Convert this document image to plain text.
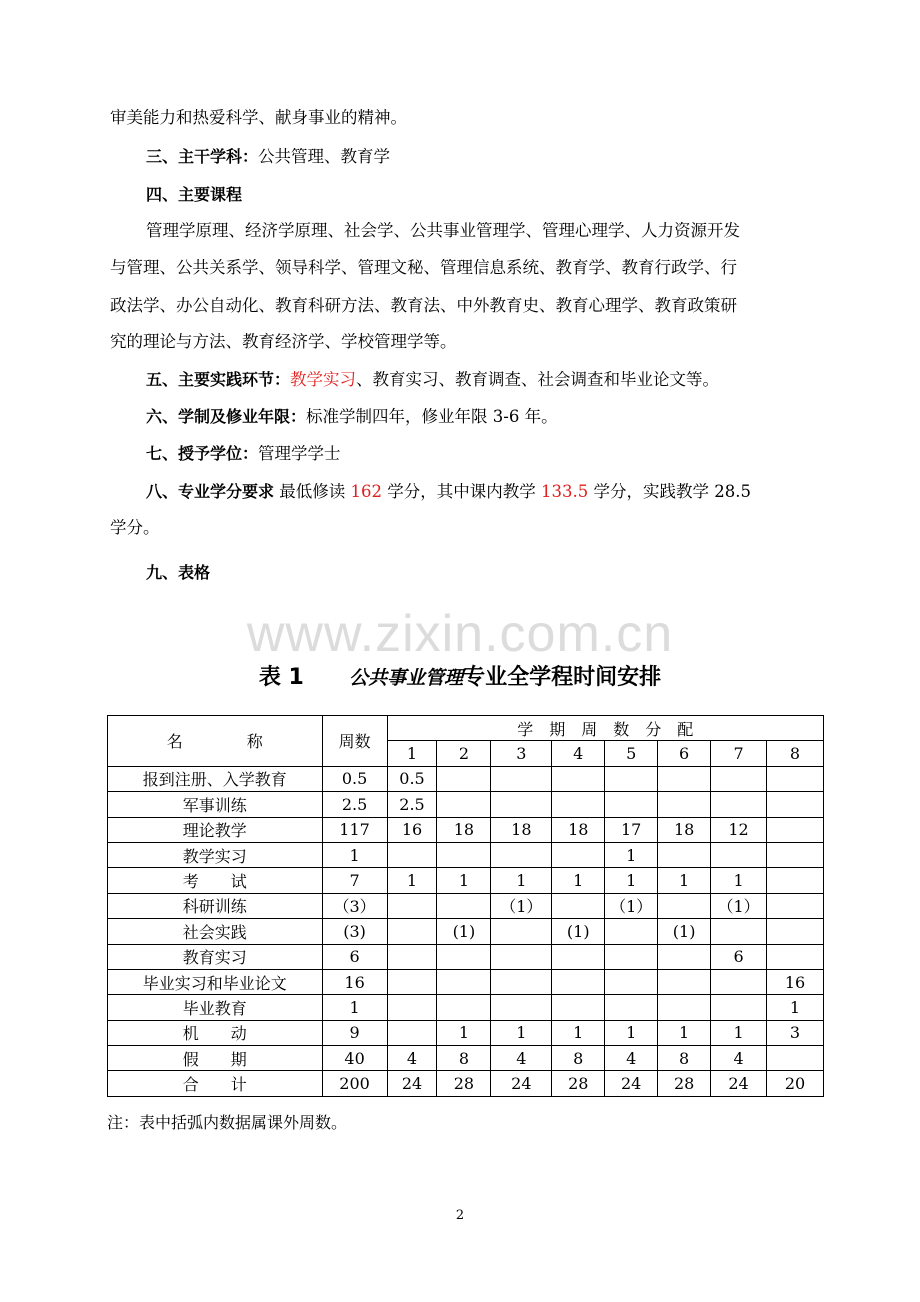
审美能力和热爱科学、献身事业的精神。
三、主干学科：公共管理、教育学
四、主要课程
管理学原理、经济学原理、社会学、公共事业管理学、管理心理学、人力资源开发
与管理、公共关系学、领导科学、管理文秘、管理信息系统、教育学、教育行政学、行
政法学、办公自动化、教育科研方法、教育法、中外教育史、教育心理学、教育政策研
究的理论与方法、教育经济学、学校管理学等。
五、主要实践环节：教学实习、教育实习、教育调查、社会调查和毕业论文等。
六、学制及修业年限：标准学制四年，修业年限 3-6 年。
七、授予学位：管理学学士
八、专业学分要求 最低修读 162 学分，其中课内教学 133.5 学分，实践教学 28.5
学分。
九、表格
www.zixin.com.cn
表 1 公共事业管理专业全学程时间安排
名　　　　称	周数	学　期　周　数　分　配							
		1	2	3	4	5	6	7	8
报到注册、入学教育	0.5	0.5							
军事训练	2.5	2.5							
理论教学	117	16	18	18	18	17	18	12	
教学实习	1					1			
考　　试	7	1	1	1	1	1	1	1	
科研训练	（3）			（1）		（1）		（1）	
社会实践	(3)		(1)		(1)		(1)		
教育实习	6							6	
毕业实习和毕业论文	16								16
毕业教育	1								1
机　　动	9		1	1	1	1	1	1	3
假　　期	40	4	8	4	8	4	8	4	
合　　计	200	24	28	24	28	24	28	24	20
注：表中括弧内数据属课外周数。
2
